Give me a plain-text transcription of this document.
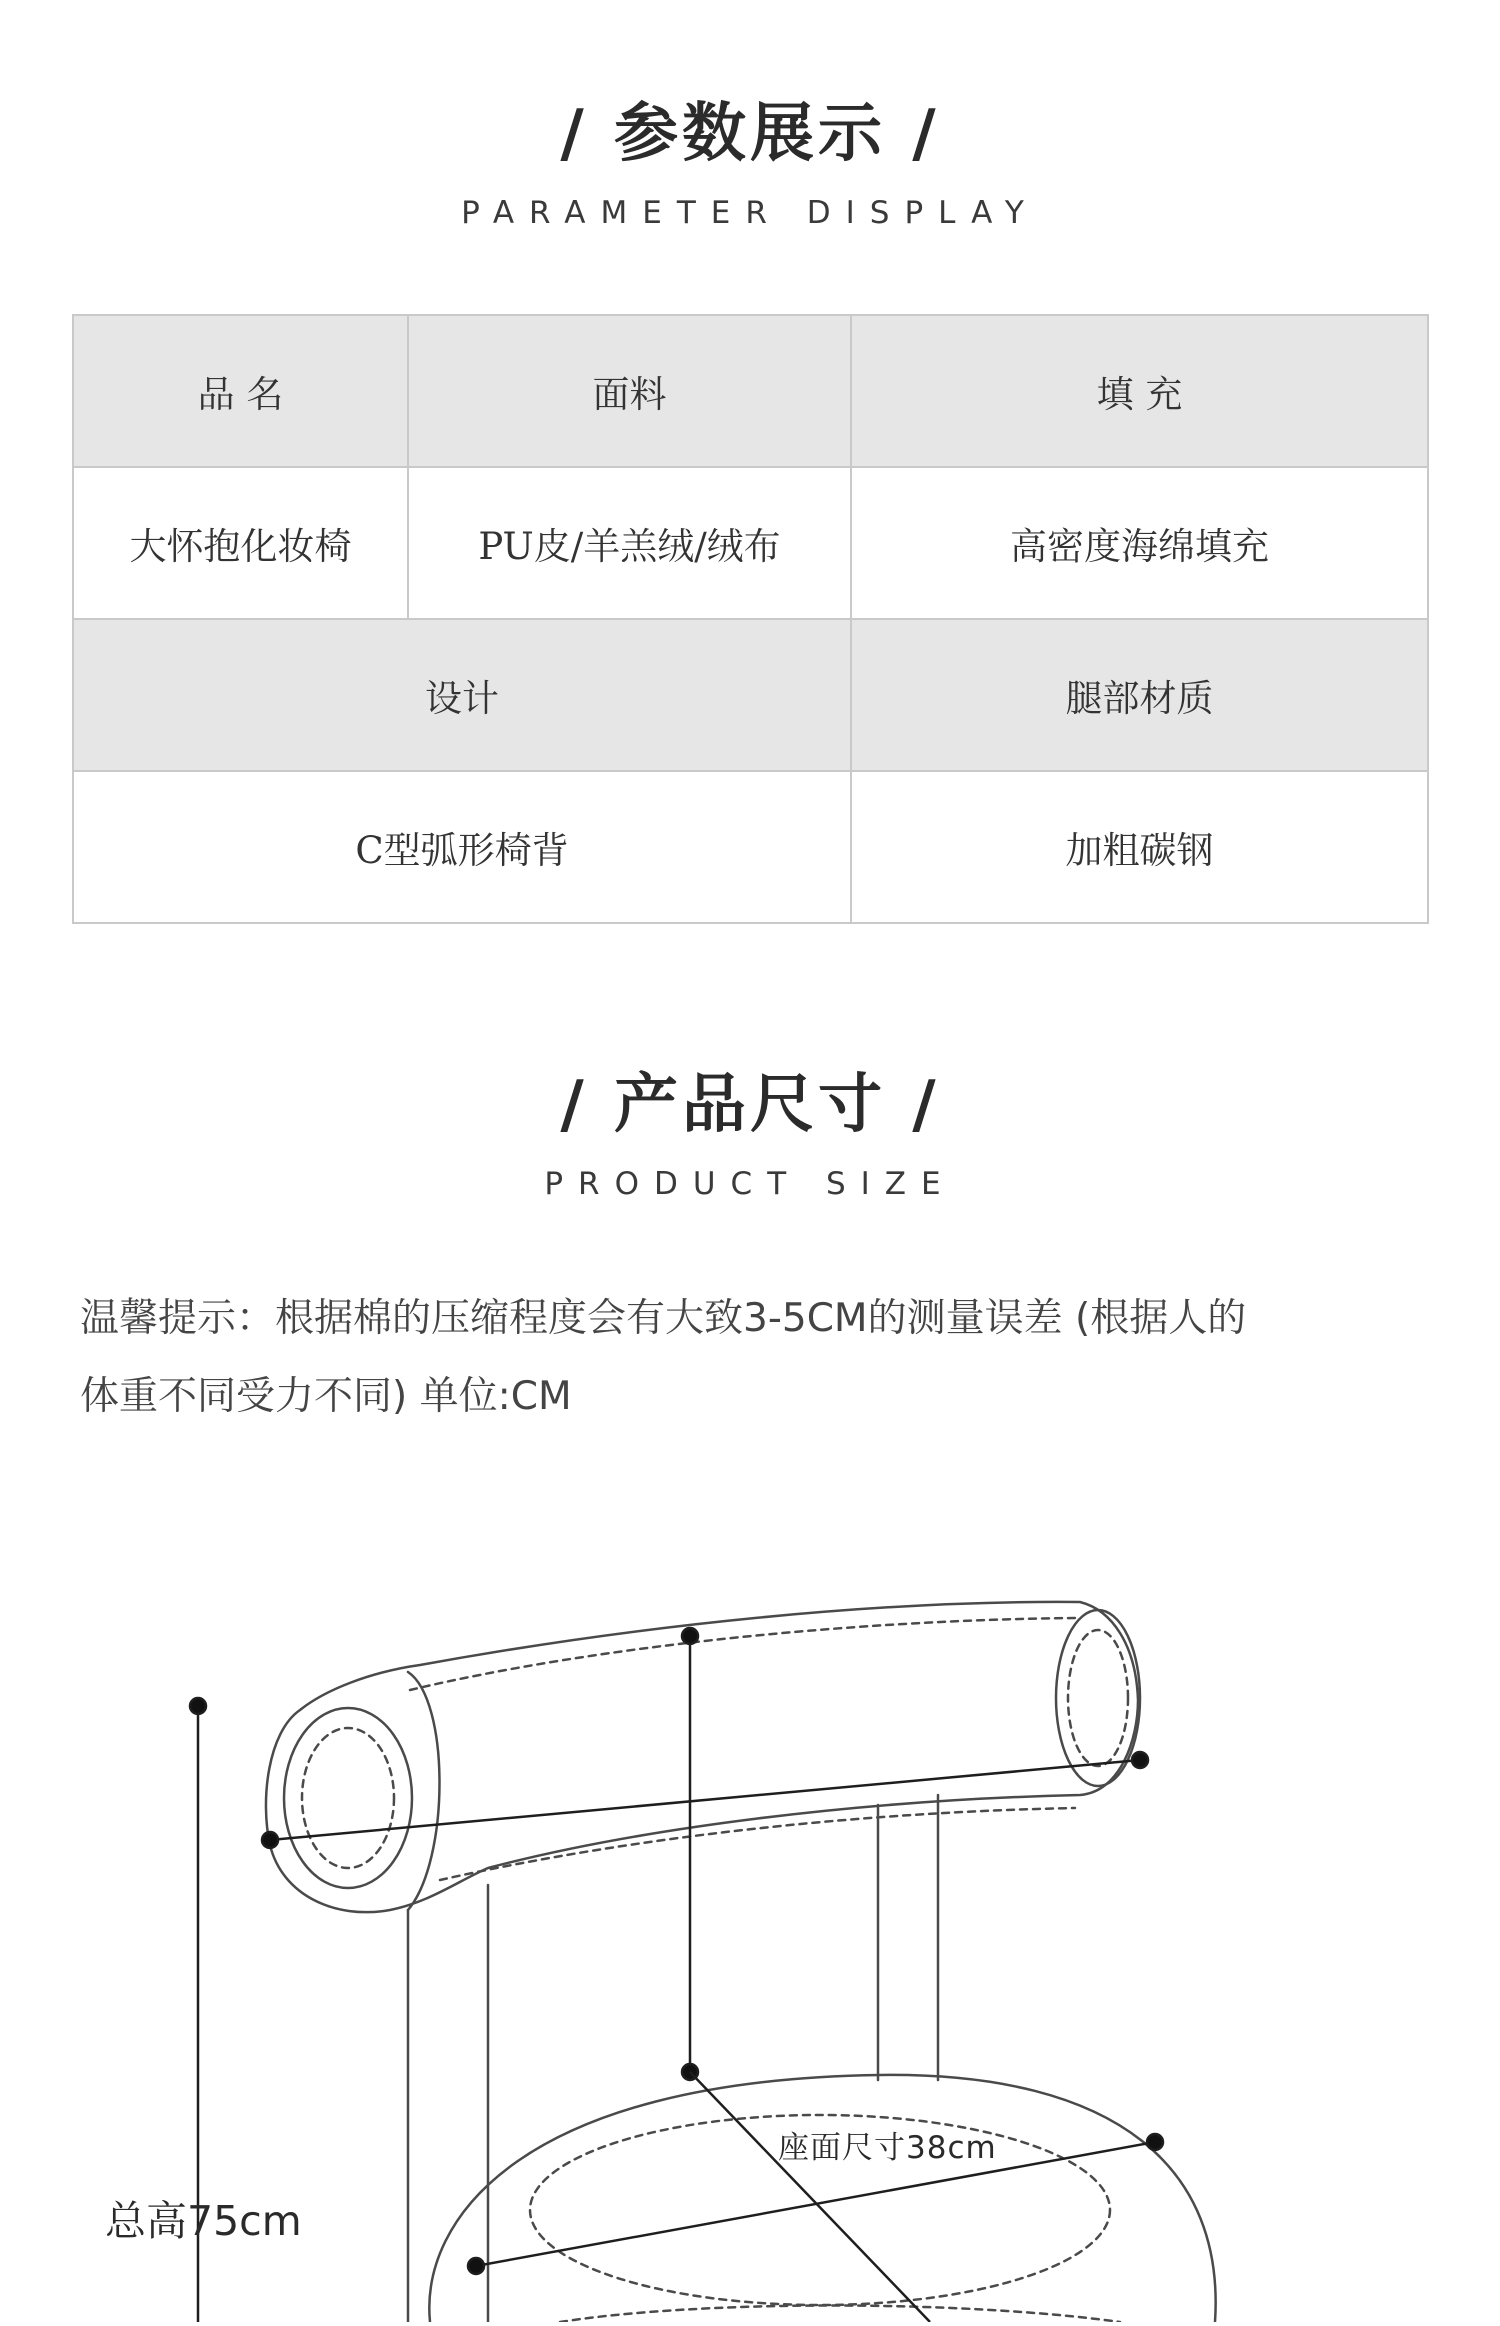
/ 参数展示 /
PARAMETER DISPLAY
品 名	面料	填 充
大怀抱化妆椅	PU皮/羊羔绒/绒布	高密度海绵填充
设计		腿部材质
C型弧形椅背		加粗碳钢
/ 产品尺寸 /
PRODUCT SIZE
温馨提示：根据棉的压缩程度会有大致3-5CM的测量误差 (根据人的
体重不同受力不同) 单位:CM
总高75cm
座面尺寸38cm
